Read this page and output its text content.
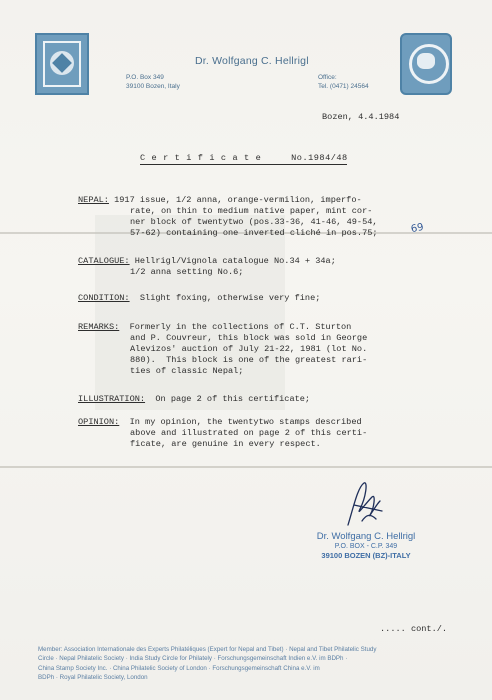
Dr. Wolfgang C. Hellrigl
P.O. Box 349
39100 Bozen, Italy
Office:
Tel. (0471) 24564
Bozen, 4.4.1984
Certificate	No.1984/48
NEPAL: 1917 issue, 1/2 anna, orange-vermilion, imperfo-
rate, on thin to medium native paper, mint cor-
ner block of twentytwo (pos.33-36, 41-46, 49-54,
57-62) containing one inverted cliché in pos.75;	69
CATALOGUE: Hellrigl/Vignola catalogue No.34 + 34a;
1/2 anna setting No.6;
CONDITION:  Slight foxing, otherwise very fine;
REMARKS:  Formerly in the collections of C.T. Sturton
and P. Couvreur, this block was sold in George
Alevizos' auction of July 21-22, 1981 (lot No.
880).  This block is one of the greatest rari-
ties of classic Nepal;
ILLUSTRATION:  On page 2 of this certificate;
OPINION:  In my opinion, the twentytwo stamps described
above and illustrated on page 2 of this certi-
ficate, are genuine in every respect.
Dr. Wolfgang C. Hellrigl
P.O. BOX - C.P. 349
39100 BOZEN (BZ)-ITALY
..... cont./.
Member: Association Internationale des Experts Philatéliques (Expert for Nepal and Tibet) · Nepal and Tibet Philatelic Study
Circle · Nepal Philatelic Society · India Study Circle for Philately · Forschungsgemeinschaft Indien e.V. im BDPh ·
China Stamp Society Inc. · China Philatelic Society of London · Forschungsgemeinschaft China e.V. im
BDPh · Royal Philatelic Society, London
